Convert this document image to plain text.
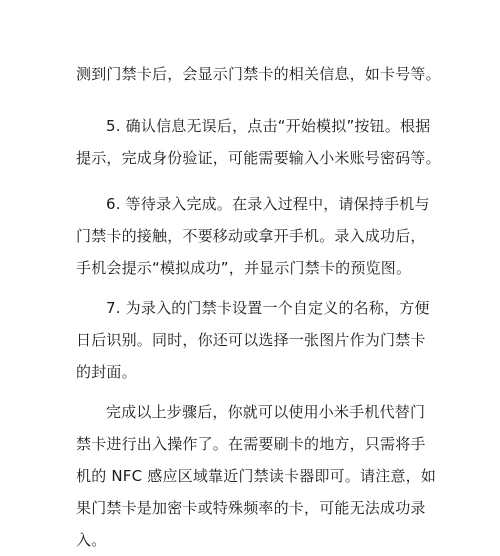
测到门禁卡后，会显示门禁卡的相关信息，如卡号等。

5. 确认信息无误后，点击“开始模拟”按钮。根据
提示，完成身份验证，可能需要输入小米账号密码等。

6. 等待录入完成。在录入过程中，请保持手机与
门禁卡的接触，不要移动或拿开手机。录入成功后，
手机会提示“模拟成功”，并显示门禁卡的预览图。

7. 为录入的门禁卡设置一个自定义的名称，方便
日后识别。同时，你还可以选择一张图片作为门禁卡
的封面。

完成以上步骤后，你就可以使用小米手机代替门
禁卡进行出入操作了。在需要刷卡的地方，只需将手
机的 NFC 感应区域靠近门禁读卡器即可。请注意，如
果门禁卡是加密卡或特殊频率的卡，可能无法成功录
入。
